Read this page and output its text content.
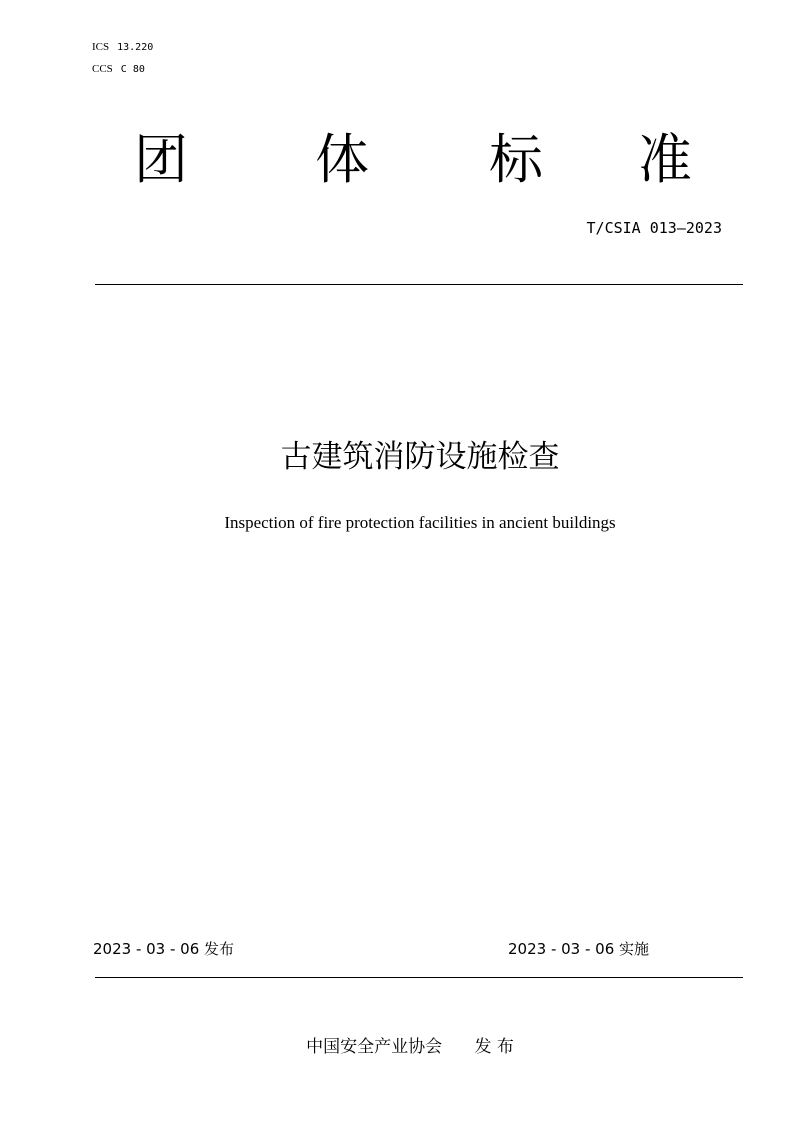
ICS 13.220
CCS C 80
团 体 标 准
T/CSIA 013—2023
古建筑消防设施检查
Inspection of fire protection facilities in ancient buildings
2023 - 03 - 06 发布	2023 - 03 - 06 实施
中国安全产业协会 发 布
